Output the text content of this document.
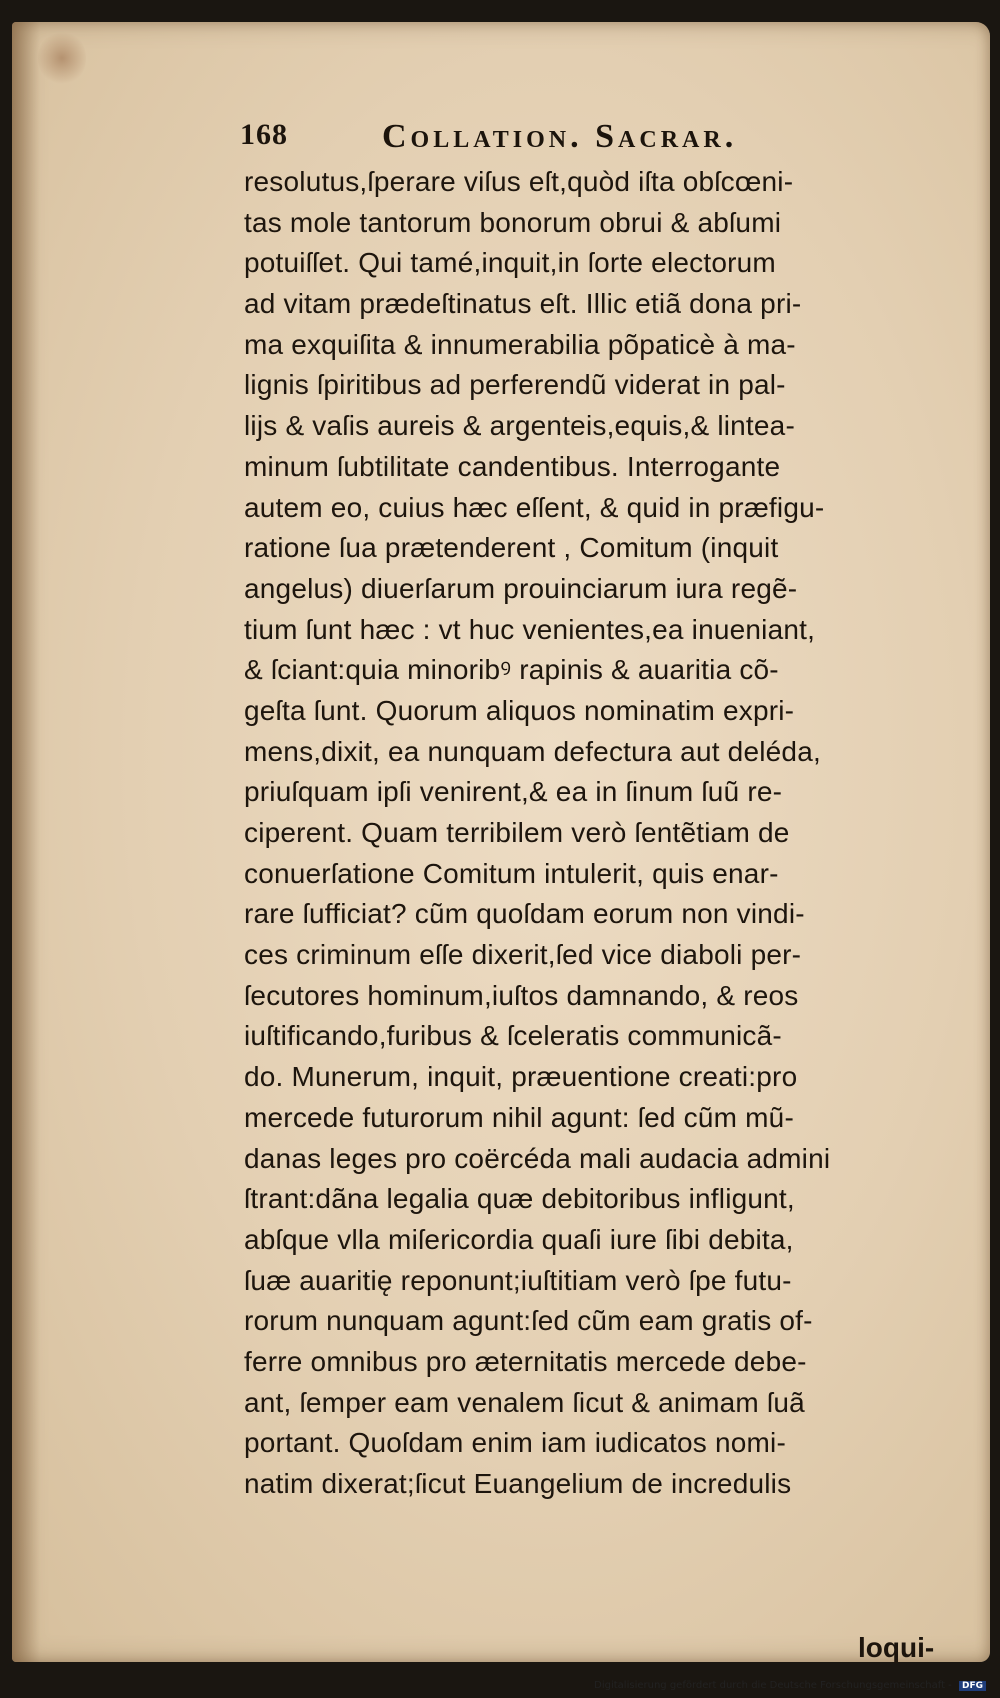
168	Collation. Sacrar.
resolutus,ſperare viſus eſt,quòd iſta obſcœni-
tas mole tantorum bonorum obrui & abſumi
potuiſſet. Qui tamé,inquit,in ſorte electorum
ad vitam prædeſtinatus eſt. Illic etiã dona pri-
ma exquiſita & innumerabilia põpaticè à ma-
lignis ſpiritibus ad perferendũ viderat in pal-
lijs & vaſis aureis & argenteis,equis,& lintea-
minum ſubtilitate candentibus. Interrogante
autem eo, cuius hæc eſſent, & quid in præfigu-
ratione ſua prætenderent , Comitum (inquit
angelus) diuerſarum prouinciarum iura regẽ-
tium ſunt hæc : vt huc venientes,ea inueniant,
& ſciant:quia minoribꝰ rapinis & auaritia cõ-
geſta ſunt. Quorum aliquos nominatim expri-
mens,dixit, ea nunquam defectura aut deléda,
priuſquam ipſi venirent,& ea in ſinum ſuũ re-
ciperent. Quam terribilem verò ſentẽtiam de
conuerſatione Comitum intulerit, quis enar-
rare ſufficiat? cũm quoſdam eorum non vindi-
ces criminum eſſe dixerit,ſed vice diaboli per-
ſecutores hominum,iuſtos damnando, & reos
iuſtificando,furibus & ſceleratis communicã-
do. Munerum, inquit, præuentione creati:pro
mercede futurorum nihil agunt: ſed cũm mũ-
danas leges pro coërcéda mali audacia admini
ſtrant:dãna legalia quæ debitoribus infligunt,
abſque vlla miſericordia quaſi iure ſibi debita,
ſuæ auaritię reponunt;iuſtitiam verò ſpe futu-
rorum nunquam agunt:ſed cũm eam gratis of-
ferre omnibus pro æternitatis mercede debe-
ant, ſemper eam venalem ſicut & animam ſuã
portant. Quoſdam enim iam iudicatos nomi-
natim dixerat;ſicut Euangelium de incredulis
loqui-
Digitalisierung gefördert durch die Deutsche Forschungsgemeinschaft - DFG
